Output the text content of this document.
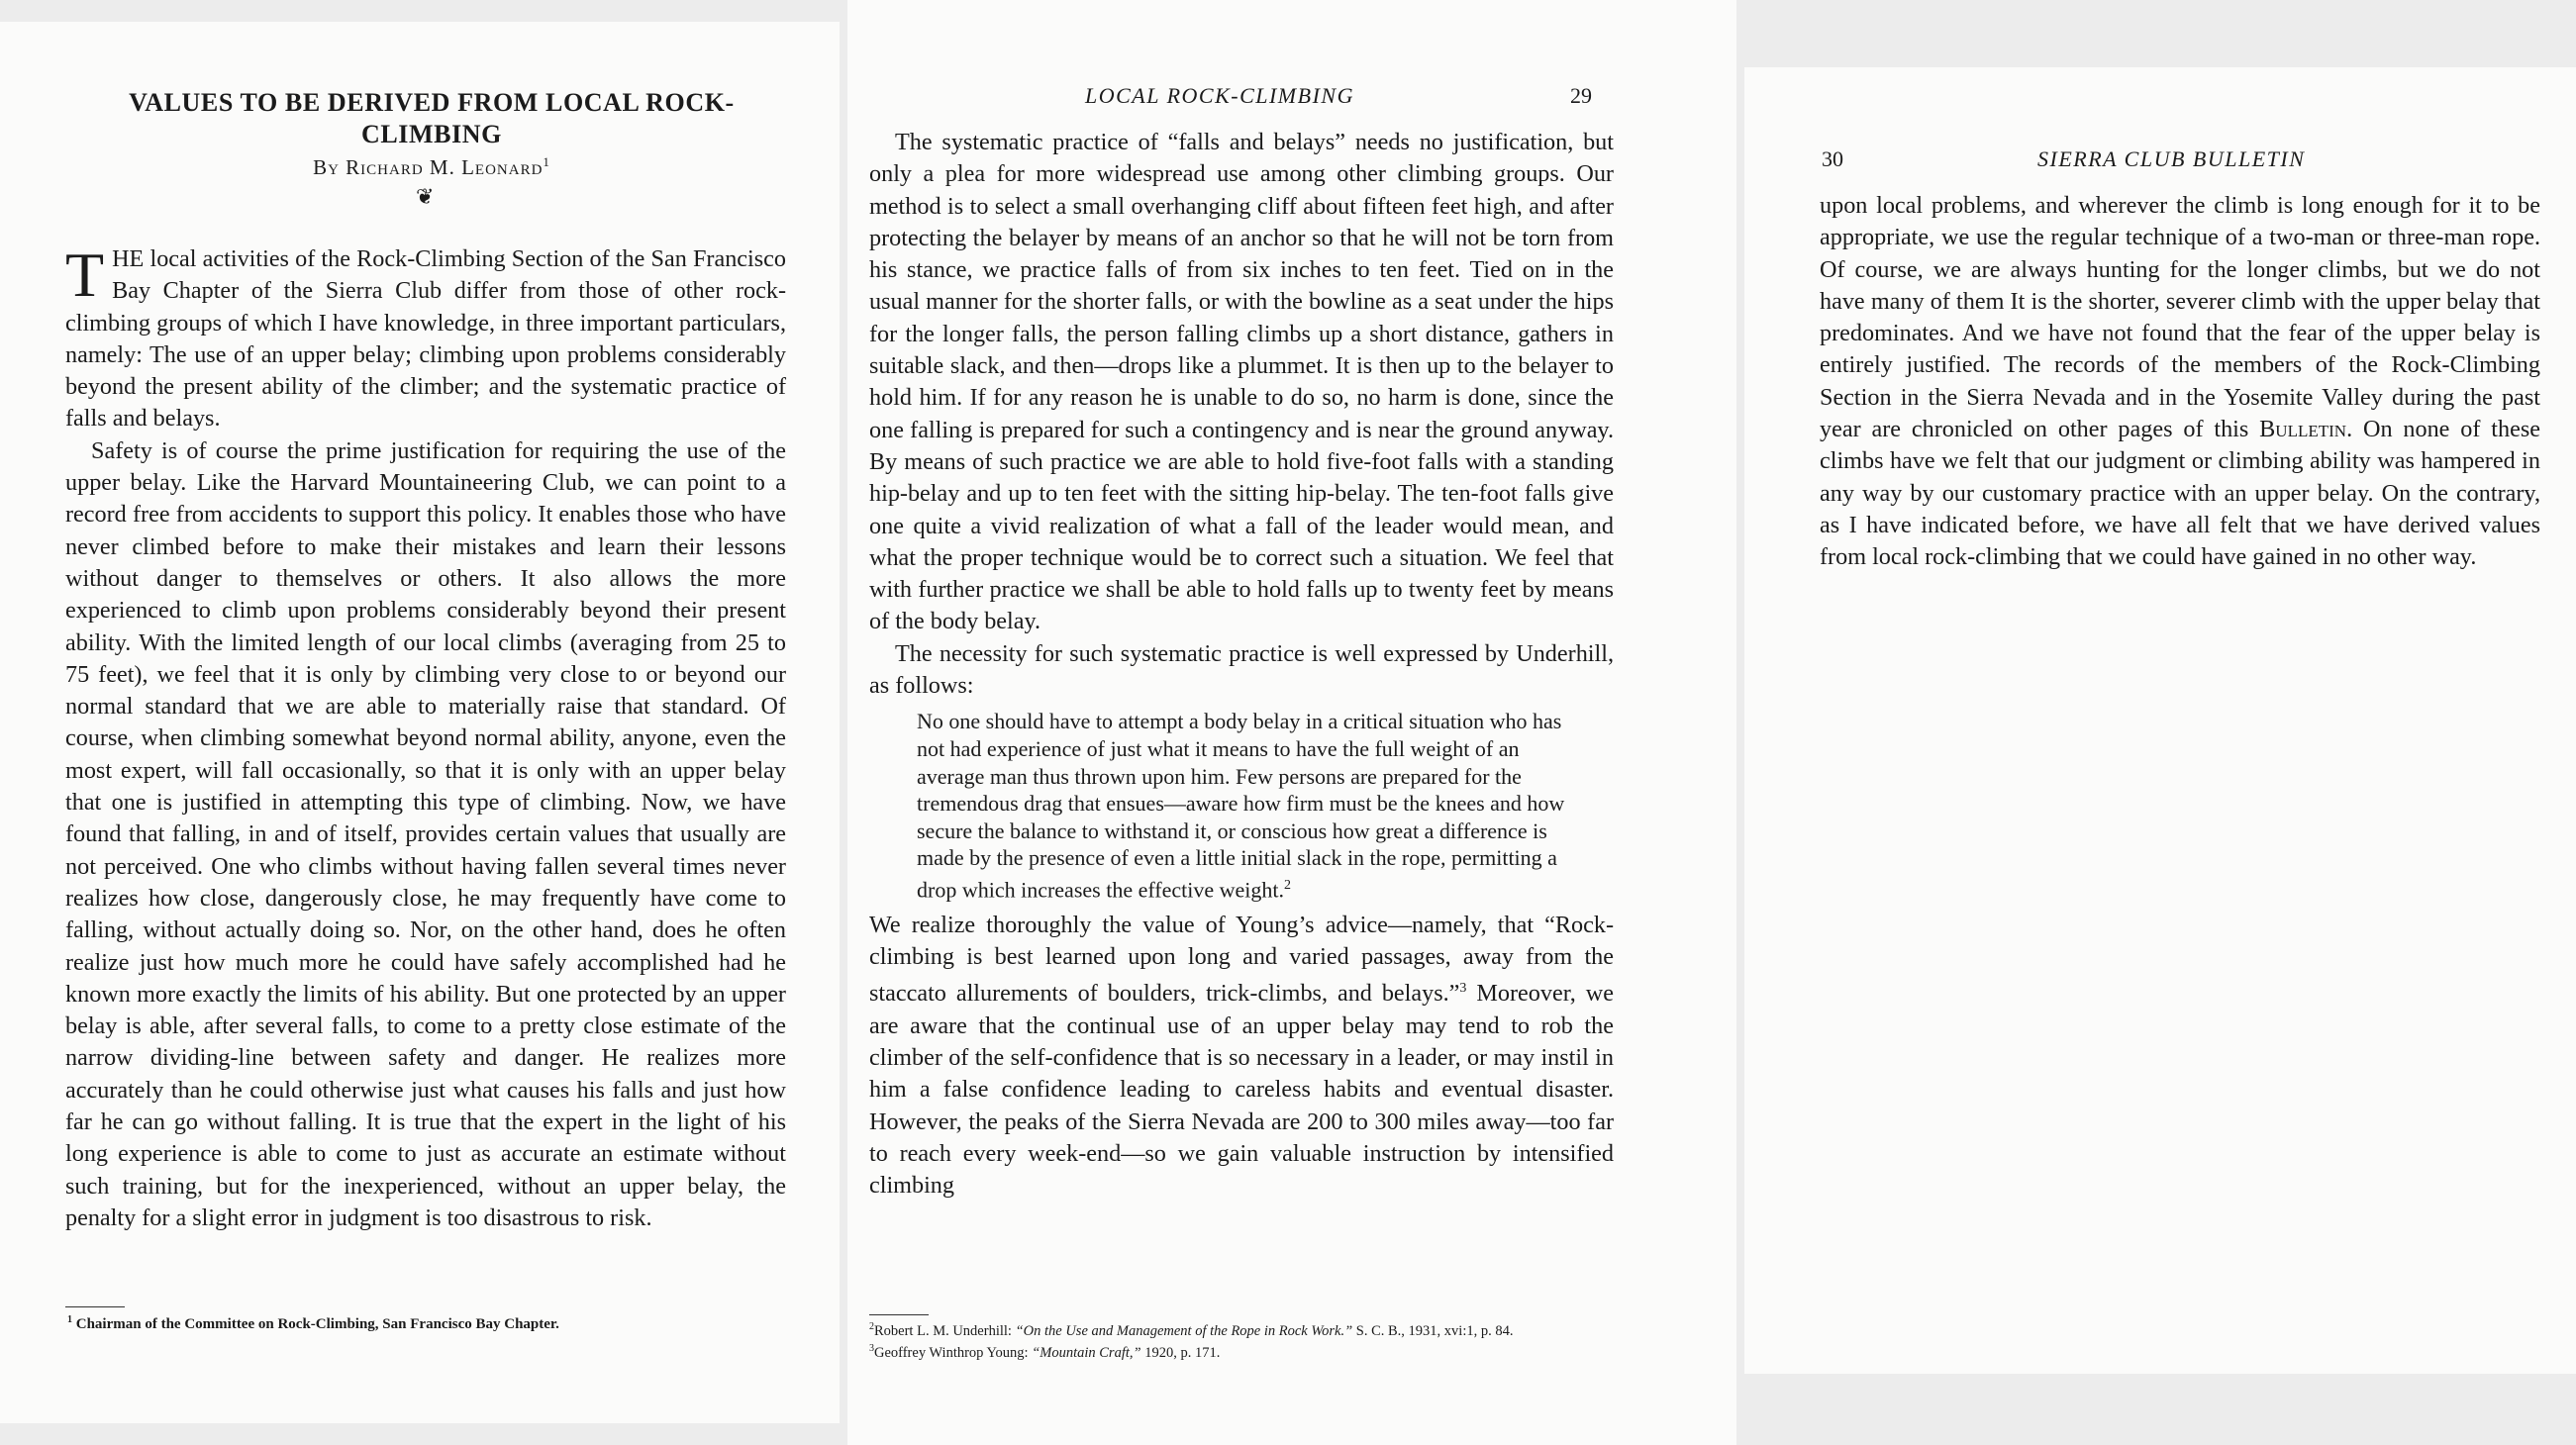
VALUES TO BE DERIVED FROM LOCAL ROCK-CLIMBING
By Richard M. Leonard$^1$
❦

THE local activities of the Rock-Climbing Section of the San Francisco Bay Chapter of the Sierra Club differ from those of other rock-climbing groups of which I have knowledge, in three important particulars, namely: The use of an upper belay; climbing upon problems considerably beyond the present ability of the climber; and the systematic practice of falls and belays.

Safety is of course the prime justification for requiring the use of the upper belay. Like the Harvard Mountaineering Club, we can point to a record free from accidents to support this policy. It enables those who have never climbed before to make their mistakes and learn their lessons without danger to themselves or others. It also allows the more experienced to climb upon problems considerably beyond their present ability. With the limited length of our local climbs (averaging from 25 to 75 feet), we feel that it is only by climbing very close to or beyond our normal standard that we are able to materially raise that standard. Of course, when climbing somewhat beyond normal ability, anyone, even the most expert, will fall occasionally, so that it is only with an upper belay that one is justified in attempting this type of climbing. Now, we have found that falling, in and of itself, provides certain values that usually are not perceived. One who climbs without having fallen several times never realizes how close, dangerously close, he may frequently have come to falling, without actually doing so. Nor, on the other hand, does he often realize just how much more he could have safely accomplished had he known more exactly the limits of his ability. But one protected by an upper belay is able, after several falls, to come to a pretty close estimate of the narrow dividing-line between safety and danger. He realizes more accurately than he could otherwise just what causes his falls and just how far he can go without falling. It is true that the expert in the light of his long experience is able to come to just as accurate an estimate without such training, but for the inexperienced, without an upper belay, the penalty for a slight error in judgment is too disastrous to risk.

$^1$ Chairman of the Committee on Rock-Climbing, San Francisco Bay Chapter.
LOCAL ROCK-CLIMBING	29

The systematic practice of “falls and belays” needs no justification, but only a plea for more widespread use among other climbing groups. Our method is to select a small overhanging cliff about fifteen feet high, and after protecting the belayer by means of an anchor so that he will not be torn from his stance, we practice falls of from six inches to ten feet. Tied on in the usual manner for the shorter falls, or with the bowline as a seat under the hips for the longer falls, the person falling climbs up a short distance, gathers in suitable slack, and then—drops like a plummet. It is then up to the belayer to hold him. If for any reason he is unable to do so, no harm is done, since the one falling is prepared for such a contingency and is near the ground anyway. By means of such practice we are able to hold five-foot falls with a standing hip-belay and up to ten feet with the sitting hip-belay. The ten-foot falls give one quite a vivid realization of what a fall of the leader would mean, and what the proper technique would be to correct such a situation. We feel that with further practice we shall be able to hold falls up to twenty feet by means of the body belay.

The necessity for such systematic practice is well expressed by Underhill, as follows:

No one should have to attempt a body belay in a critical situation who has not had experience of just what it means to have the full weight of an average man thus thrown upon him. Few persons are prepared for the tremendous drag that ensues—aware how firm must be the knees and how secure the balance to withstand it, or conscious how great a difference is made by the presence of even a little initial slack in the rope, permitting a drop which increases the effective weight.$^2$

We realize thoroughly the value of Young’s advice—namely, that “Rock-climbing is best learned upon long and varied passages, away from the staccato allurements of boulders, trick-climbs, and belays.”$^3$ Moreover, we are aware that the continual use of an upper belay may tend to rob the climber of the self-confidence that is so necessary in a leader, or may instil in him a false confidence leading to careless habits and eventual disaster. However, the peaks of the Sierra Nevada are 200 to 300 miles away—too far to reach every week-end—so we gain valuable instruction by intensified climbing

$^2$Robert L. M. Underhill: “On the Use and Management of the Rope in Rock Work.” S. C. B., 1931, xvi:1, p. 84.

$^3$Geoffrey Winthrop Young: “Mountain Craft,” 1920, p. 171.

30	SIERRA CLUB BULLETIN

upon local problems, and wherever the climb is long enough for it to be appropriate, we use the regular technique of a two-man or three-man rope. Of course, we are always hunting for the longer climbs, but we do not have many of them It is the shorter, severer climb with the upper belay that predominates. And we have not found that the fear of the upper belay is entirely justified. The records of the members of the Rock-Climbing Section in the Sierra Nevada and in the Yosemite Valley during the past year are chronicled on other pages of this Bulletin. On none of these climbs have we felt that our judgment or climbing ability was hampered in any way by our customary practice with an upper belay. On the contrary, as I have indicated before, we have all felt that we have derived values from local rock-climbing that we could have gained in no other way.
